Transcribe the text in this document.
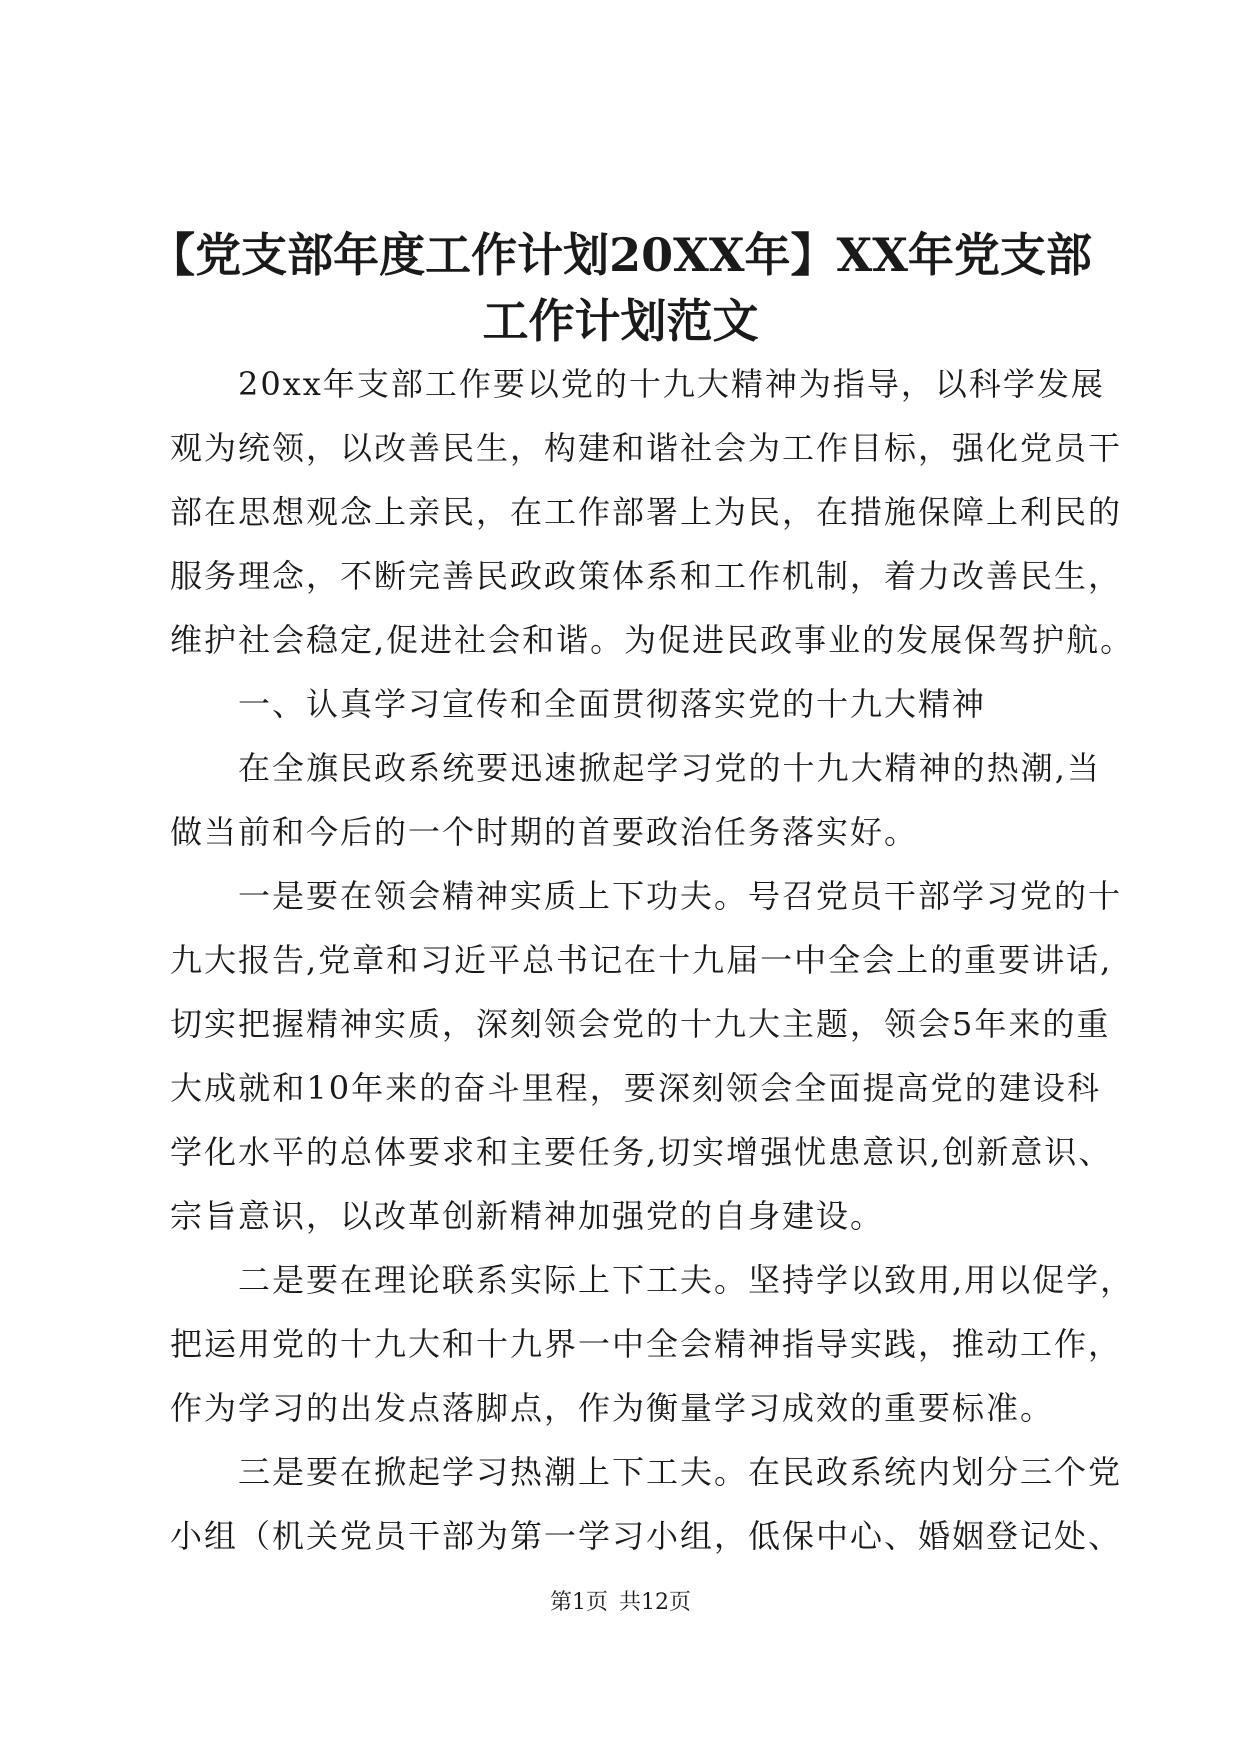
【党支部年度工作计划20XX年】XX年党支部
工作计划范文
20xx年支部工作要以党的十九大精神为指导，以科学发展
观为统领，以改善民生，构建和谐社会为工作目标，强化党员干
部在思想观念上亲民，在工作部署上为民，在措施保障上利民的
服务理念，不断完善民政政策体系和工作机制，着力改善民生，
维护社会稳定,促进社会和谐。为促进民政事业的发展保驾护航。
一、认真学习宣传和全面贯彻落实党的十九大精神
在全旗民政系统要迅速掀起学习党的十九大精神的热潮,当
做当前和今后的一个时期的首要政治任务落实好。
一是要在领会精神实质上下功夫。号召党员干部学习党的十
九大报告,党章和习近平总书记在十九届一中全会上的重要讲话,
切实把握精神实质，深刻领会党的十九大主题，领会5年来的重
大成就和10年来的奋斗里程，要深刻领会全面提高党的建设科
学化水平的总体要求和主要任务,切实增强忧患意识,创新意识、
宗旨意识，以改革创新精神加强党的自身建设。
二是要在理论联系实际上下工夫。坚持学以致用,用以促学，
把运用党的十九大和十九界一中全会精神指导实践，推动工作，
作为学习的出发点落脚点，作为衡量学习成效的重要标准。
三是要在掀起学习热潮上下工夫。在民政系统内划分三个党
小组（机关党员干部为第一学习小组，低保中心、婚姻登记处、
第1页 共12页
